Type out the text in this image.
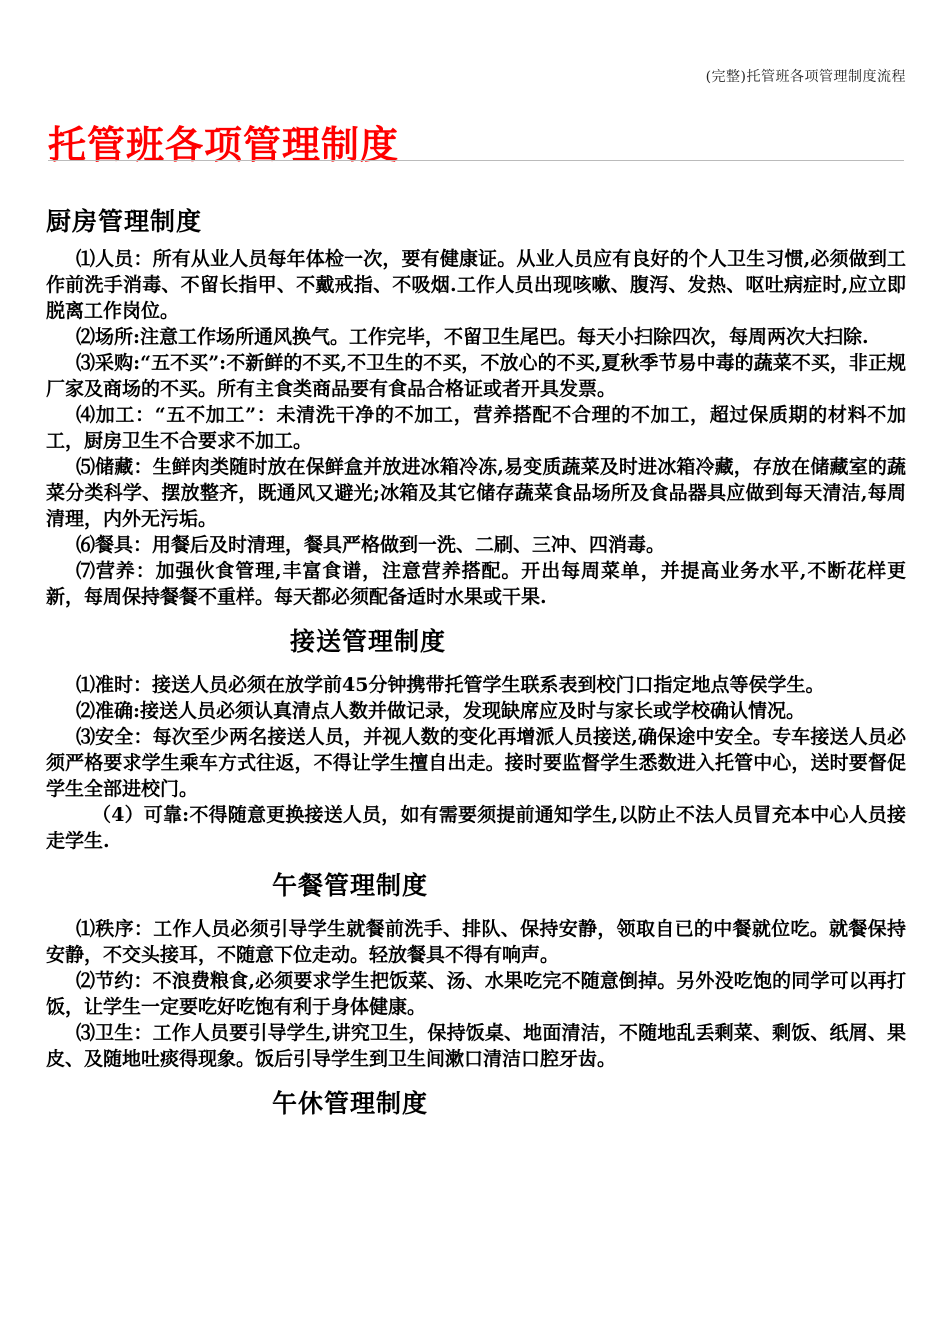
(完整)托管班各项管理制度流程
托管班各项管理制度
厨房管理制度

⑴人员：所有从业人员每年体检一次，要有健康证。从业人员应有良好的个人卫生习惯,必须做到工作前洗手消毒、不留长指甲、不戴戒指、不吸烟.工作人员出现咳嗽、腹泻、发热、呕吐病症时,应立即脱离工作岗位。

⑵场所:注意工作场所通风换气。工作完毕，不留卫生尾巴。每天小扫除四次，每周两次大扫除.

⑶采购:“五不买”:不新鲜的不买,不卫生的不买，不放心的不买,夏秋季节易中毒的蔬菜不买，非正规厂家及商场的不买。所有主食类商品要有食品合格证或者开具发票。

⑷加工：“五不加工”：未清洗干净的不加工，营养搭配不合理的不加工，超过保质期的材料不加工，厨房卫生不合要求不加工。

⑸储藏：生鲜肉类随时放在保鲜盒并放进冰箱冷冻,易变质蔬菜及时进冰箱冷藏，存放在储藏室的蔬菜分类科学、摆放整齐，既通风又避光;冰箱及其它储存蔬菜食品场所及食品器具应做到每天清洁,每周清理，内外无污垢。

⑹餐具：用餐后及时清理，餐具严格做到一洗、二刷、三冲、四消毒。

⑺营养：加强伙食管理,丰富食谱，注意营养搭配。开出每周菜单，并提高业务水平,不断花样更新，每周保持餐餐不重样。每天都必须配备适时水果或干果.

接送管理制度

⑴准时：接送人员必须在放学前45分钟携带托管学生联系表到校门口指定地点等侯学生。

⑵准确:接送人员必须认真清点人数并做记录，发现缺席应及时与家长或学校确认情况。

⑶安全：每次至少两名接送人员，并视人数的变化再增派人员接送,确保途中安全。专车接送人员必须严格要求学生乘车方式往返，不得让学生擅自出走。接时要监督学生悉数进入托管中心，送时要督促学生全部进校门。

（4）可靠:不得随意更换接送人员，如有需要须提前通知学生,以防止不法人员冒充本中心人员接走学生.

午餐管理制度

⑴秩序：工作人员必须引导学生就餐前洗手、排队、保持安静，领取自已的中餐就位吃。就餐保持安静，不交头接耳，不随意下位走动。轻放餐具不得有响声。

⑵节约：不浪费粮食,必须要求学生把饭菜、汤、水果吃完不随意倒掉。另外没吃饱的同学可以再打饭，让学生一定要吃好吃饱有利于身体健康。

⑶卫生：工作人员要引导学生,讲究卫生，保持饭桌、地面清洁，不随地乱丢剩菜、剩饭、纸屑、果皮、及随地吐痰得现象。饭后引导学生到卫生间漱口清洁口腔牙齿。

午休管理制度
